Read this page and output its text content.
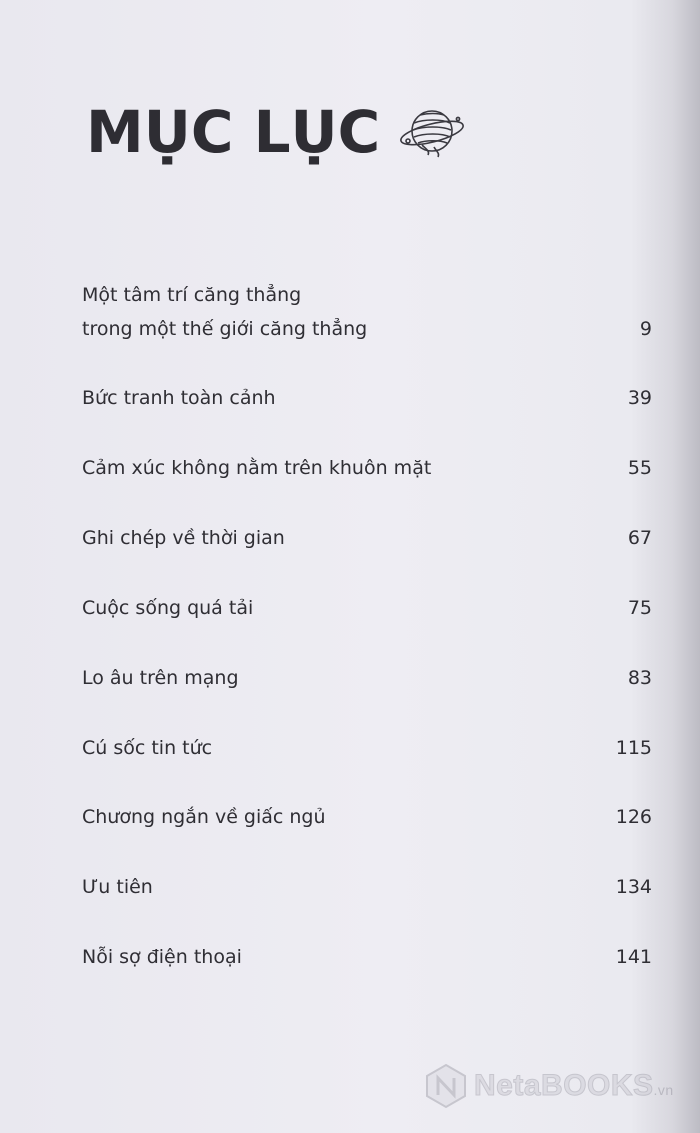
MỤC LỤC
Một tâm trí căng thẳng
trong một thế giới căng thẳng	9
Bức tranh toàn cảnh	39
Cảm xúc không nằm trên khuôn mặt	55
Ghi chép về thời gian	67
Cuộc sống quá tải	75
Lo âu trên mạng	83
Cú sốc tin tức	115
Chương ngắn về giấc ngủ	126
Ưu tiên	134
Nỗi sợ điện thoại	141
NetaBOOKS.vn
